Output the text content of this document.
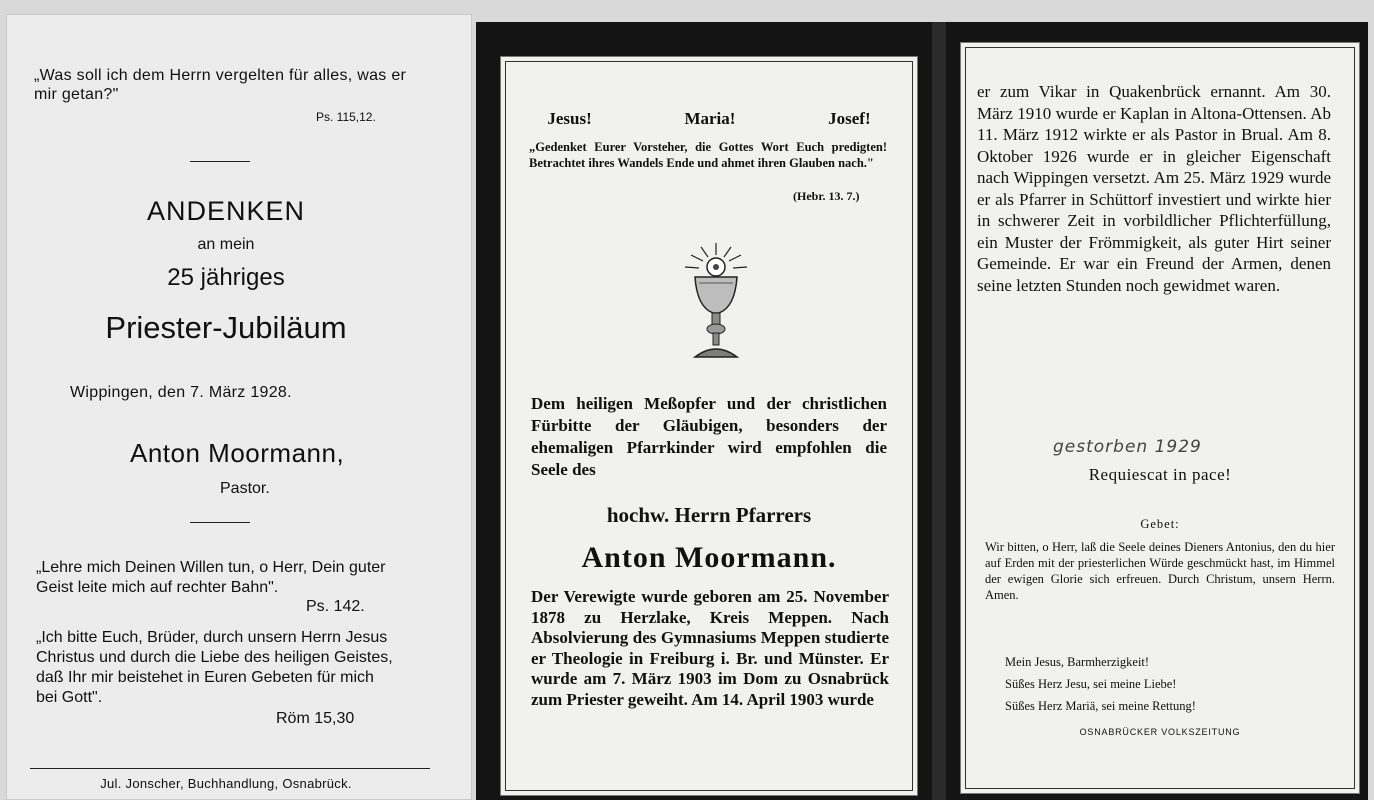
„Was soll ich dem Herrn vergelten für alles, was er mir getan?"
Ps. 115,12.
ANDENKEN
an mein
25 jähriges
Priester-Jubiläum
Wippingen, den 7. März 1928.
Anton Moormann,
Pastor.
„Lehre mich Deinen Willen tun, o Herr, Dein guter Geist leite mich auf rechter Bahn".
Ps. 142.
„Ich bitte Euch, Brüder, durch unsern Herrn Jesus Christus und durch die Liebe des heiligen Geistes, daß Ihr mir beistehet in Euren Gebeten für mich bei Gott".
Röm 15,30
Jul. Jonscher, Buchhandlung, Osnabrück.
Jesus!	Maria!	Josef!
„Gedenket Eurer Vorsteher, die Gottes Wort Euch predigten! Betrachtet ihres Wandels Ende und ahmet ihren Glauben nach."
(Hebr. 13. 7.)
Dem heiligen Meßopfer und der christlichen Fürbitte der Gläubigen, besonders der ehemaligen Pfarrkinder wird empfohlen die Seele des
hochw. Herrn Pfarrers
Anton Moormann.
Der Verewigte wurde geboren am 25. November 1878 zu Herzlake, Kreis Meppen. Nach Absolvierung des Gymnasiums Meppen studierte er Theologie in Freiburg i. Br. und Münster. Er wurde am 7. März 1903 im Dom zu Osnabrück zum Priester geweiht. Am 14. April 1903 wurde
er zum Vikar in Quakenbrück ernannt. Am 30. März 1910 wurde er Kaplan in Altona-Ottensen. Ab 11. März 1912 wirkte er als Pastor in Brual. Am 8. Oktober 1926 wurde er in gleicher Eigenschaft nach Wippingen versetzt. Am 25. März 1929 wurde er als Pfarrer in Schüttorf investiert und wirkte hier in schwerer Zeit in vorbildlicher Pflichterfüllung, ein Muster der Frömmigkeit, als guter Hirt seiner Gemeinde. Er war ein Freund der Armen, denen seine letzten Stunden noch gewidmet waren.
gestorben 1929
Requiescat in pace!
Gebet:
Wir bitten, o Herr, laß die Seele deines Dieners Antonius, den du hier auf Erden mit der priesterlichen Würde geschmückt hast, im Himmel der ewigen Glorie sich erfreuen. Durch Christum, unsern Herrn. Amen.
Mein Jesus, Barmherzigkeit!
Süßes Herz Jesu, sei meine Liebe!
Süßes Herz Mariä, sei meine Rettung!
OSNABRÜCKER VOLKSZEITUNG
